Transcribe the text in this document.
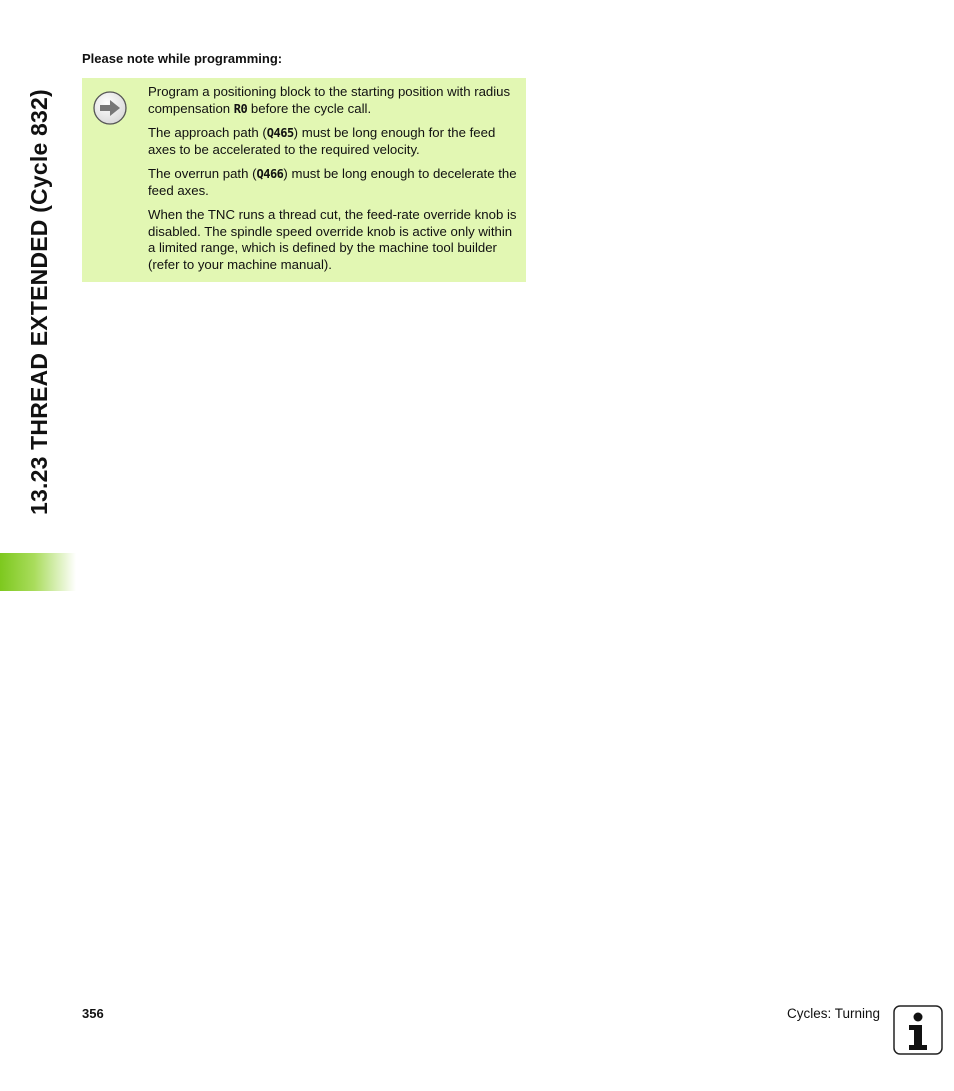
13.23 THREAD EXTENDED (Cycle 832)
Please note while programming:

Program a positioning block to the starting position with radius compensation R0 before the cycle call.

The approach path (Q465) must be long enough for the feed axes to be accelerated to the required velocity.

The overrun path (Q466) must be long enough to decelerate the feed axes.

When the TNC runs a thread cut, the feed-rate override knob is disabled. The spindle speed override knob is active only within a limited range, which is defined by the machine tool builder (refer to your machine manual).

356	Cycles: Turning
